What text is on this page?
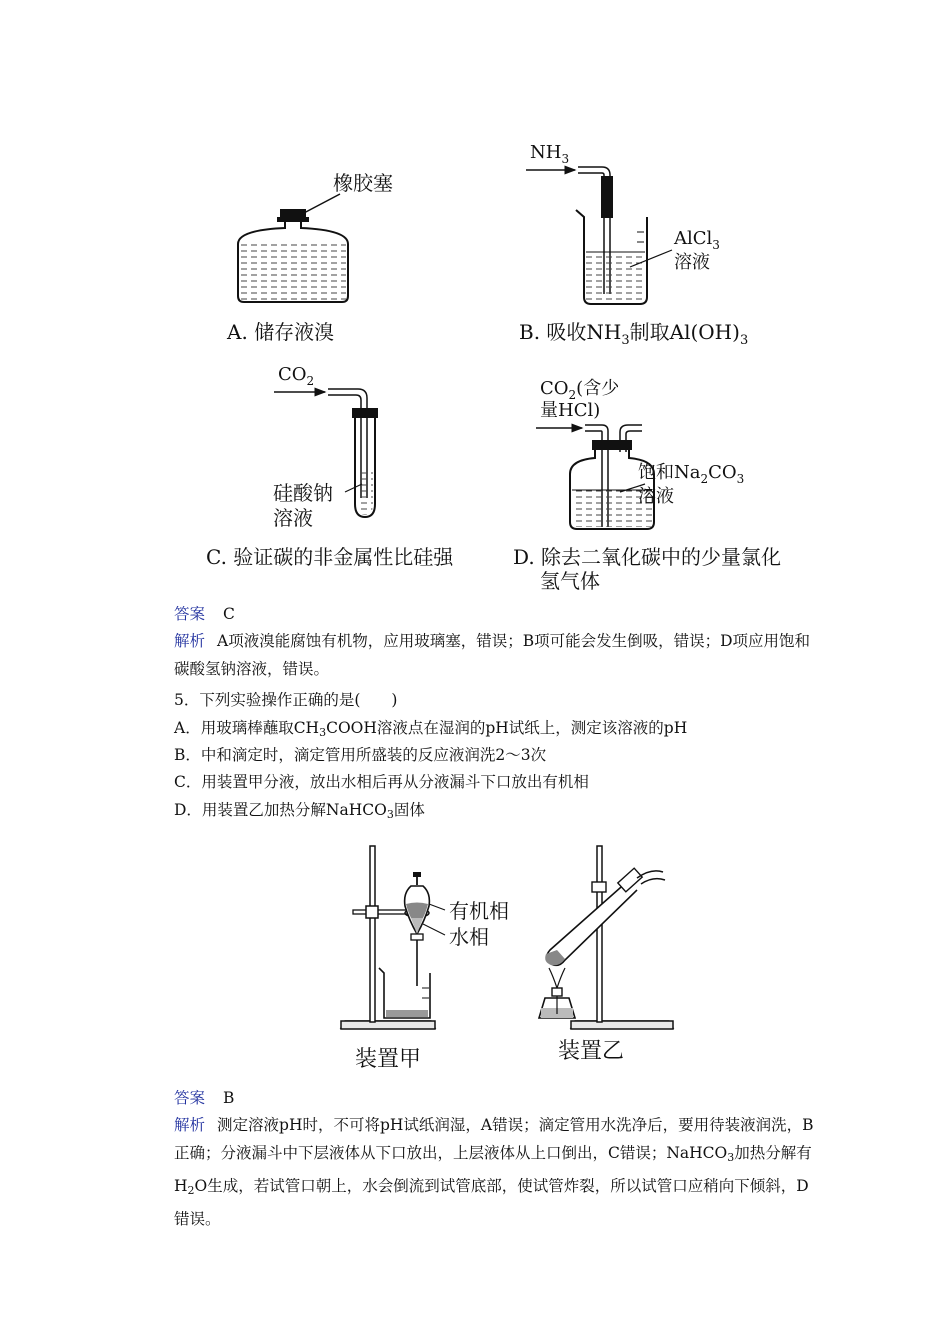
橡胶塞
A. 储存液溴
$NH_3$
AlCl$_3$
溶液
B. 吸收$NH_3$制取$Al(OH)_3$
$CO_2$
硅酸钠
溶液
C. 验证碳的非金属性比硅强
$CO_2$(含少
量HCl)
饱和$Na_2CO_3$
溶液
D. 除去二氧化碳中的少量氯化
氢气体
答案 C
解析 A项液溴能腐蚀有机物，应用玻璃塞，错误；B项可能会发生倒吸，错误；D项应用饱和碳酸氢钠溶液，错误。
5．下列实验操作正确的是(　　)
A．用玻璃棒蘸取$CH_3COOH$溶液点在湿润的pH试纸上，测定该溶液的pH
B．中和滴定时，滴定管用所盛装的反应液润洗2～3次
C．用装置甲分液，放出水相后再从分液漏斗下口放出有机相
D．用装置乙加热分解NaHCO$_3$固体
有机相
水相
装置甲	装置乙
答案 B
解析 测定溶液pH时，不可将pH试纸润湿，A错误；滴定管用水洗净后，要用待装液润洗，B正确；分液漏斗中下层液体从下口放出，上层液体从上口倒出，C错误；NaHCO$_3$加热分解有$H_2O$生成，若试管口朝上，水会倒流到试管底部，使试管炸裂，所以试管口应稍向下倾斜，D错误。
